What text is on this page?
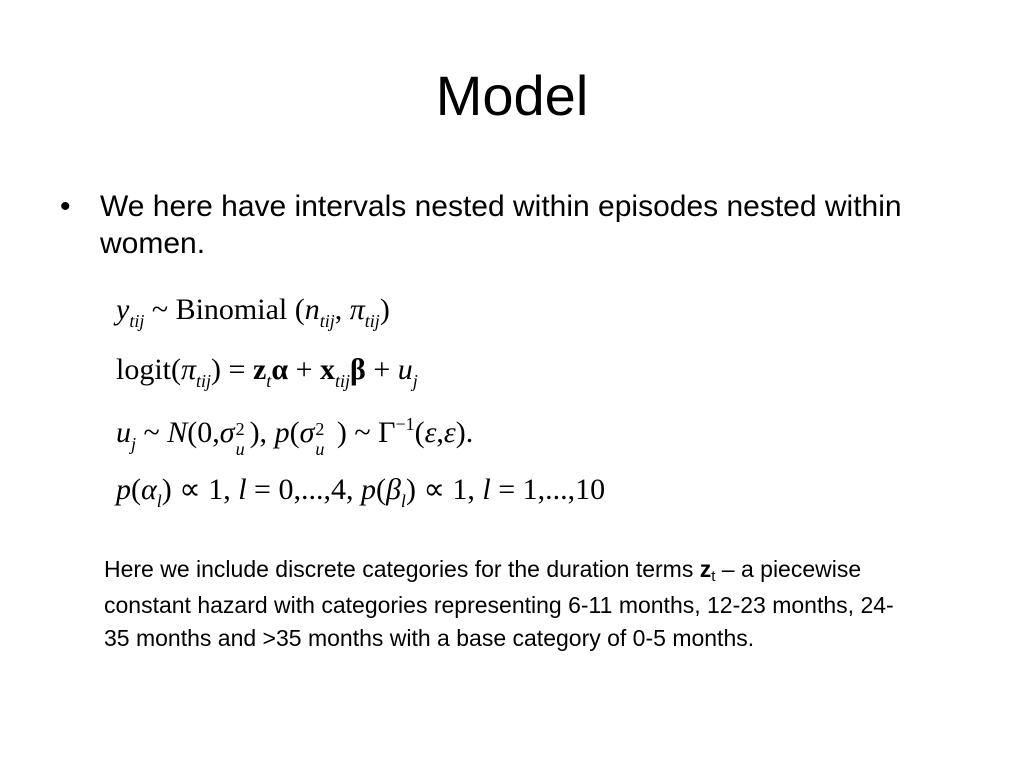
Model
• We here have intervals nested within episodes nested within women.
$y_{tij}$ ~ Binomial ($n_{tij}$, $\pi_{tij}$)
$logit(\pi_{tij}) = z_t\alpha + x_{tij}\beta + u_j$
$u_j$ ~ N(0,σ 2
u
), p(σ 2
u
) ~ $\Gamma^{-1}(\varepsilon,\varepsilon)$.
$p(\alpha_l) \propto 1$, l = 0,...,4, $p(\beta_l) \propto 1$, l = 1,...,10
Here we include discrete categories for the duration terms zt – a piecewise constant hazard with categories representing 6-11 months, 12-23 months, 24-35 months and >35 months with a base category of 0-5 months.
